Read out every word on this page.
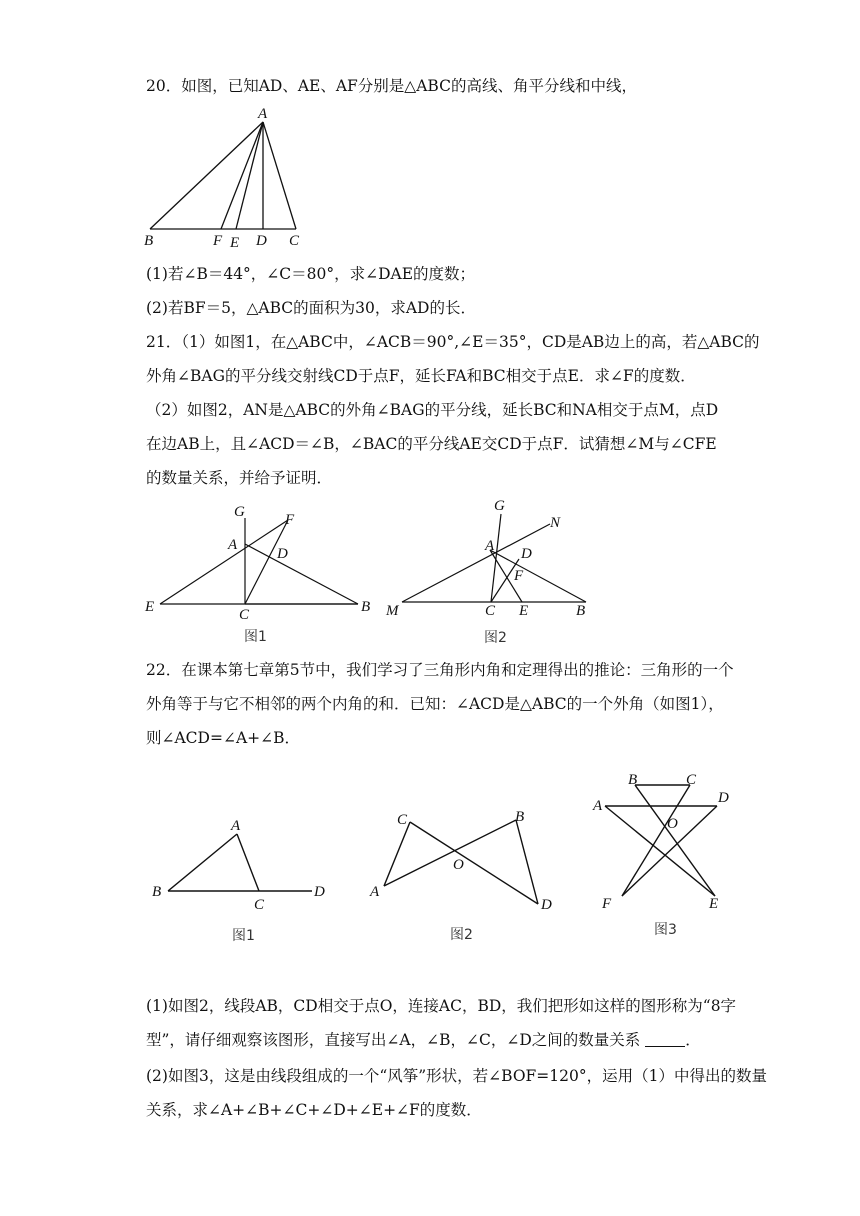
20．如图，已知AD、AE、AF分别是△ABC的高线、角平分线和中线，
A
B	F E D C
(1)若∠B＝44°，∠C＝80°，求∠DAE的度数；
(2)若BF＝5，△ABC的面积为30，求AD的长．
21．（1）如图1，在△ABC中，∠ACB＝90°,∠E＝35°，CD是AB边上的高，若△ABC的
外角∠BAG的平分线交射线CD于点F，延长FA和BC相交于点E．求∠F的度数．
（2）如图2，AN是△ABC的外角∠BAG的平分线，延长BC和NA相交于点M，点D
在边AB上，且∠ACD＝∠B，∠BAC的平分线AE交CD于点F．试猜想∠M与∠CFE
的数量关系，并给予证明．
G	F
A
D
E	C	B
图1
G
N
A D
F
M	C E	B
图2
22．在课本第七章第5节中，我们学习了三角形内角和定理得出的推论：三角形的一个
外角等于与它不相邻的两个内角的和．已知：∠ACD是△ABC的一个外角（如图1），
则∠ACD=∠A+∠B．
A
B
C
D
图1
C	B
O
A
D
图2
B	C
A	D
O
F	E
图3
(1)如图2，线段AB，CD相交于点O，连接AC，BD，我们把形如这样的图形称为“8字
型”，请仔细观察该图形，直接写出∠A，∠B，∠C，∠D之间的数量关系	．
(2)如图3，这是由线段组成的一个“风筝”形状，若∠BOF=120°，运用（1）中得出的数量
关系，求∠A+∠B+∠C+∠D+∠E+∠F的度数．
